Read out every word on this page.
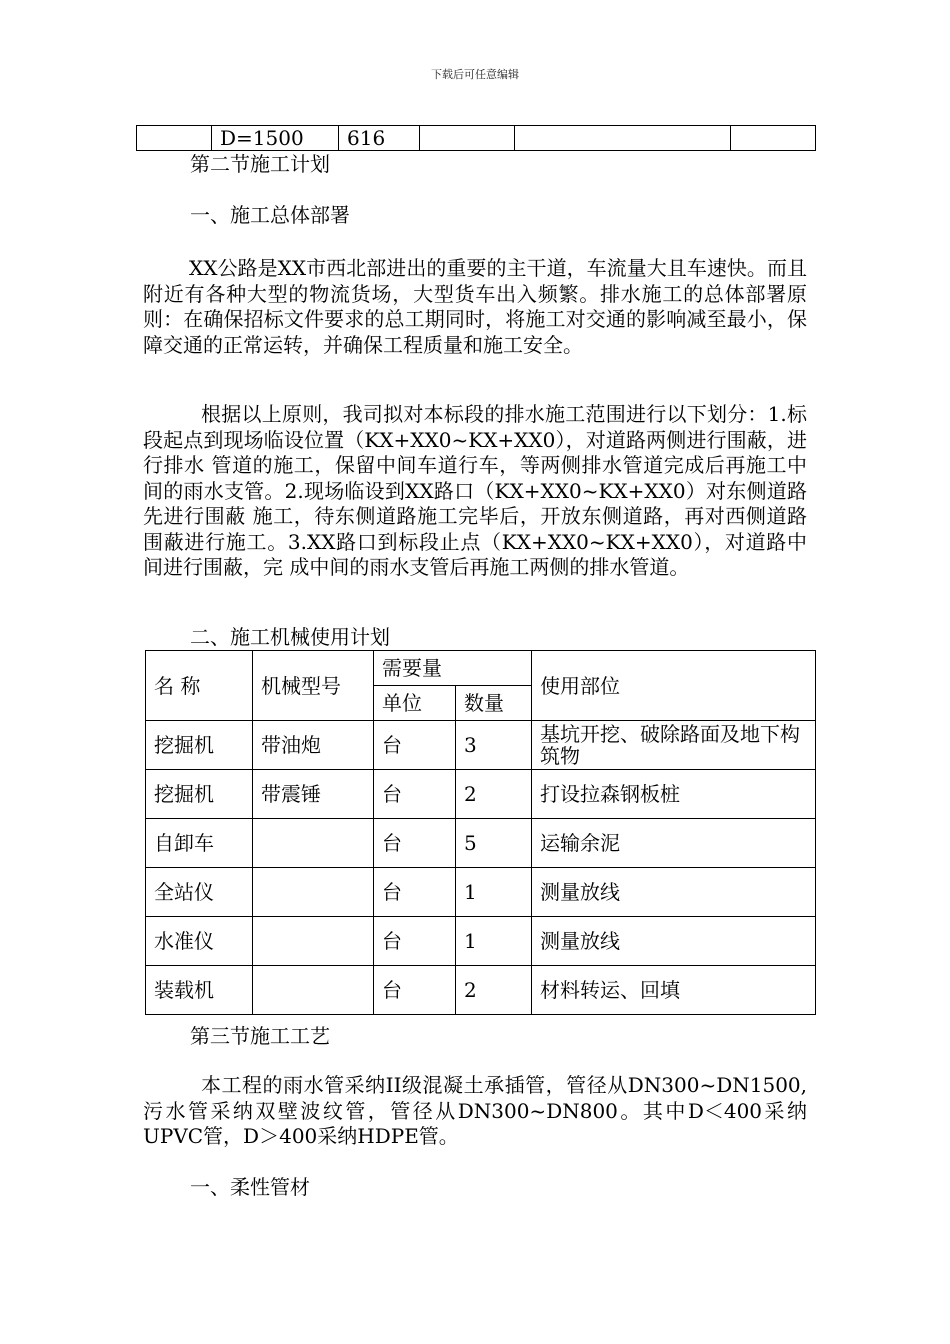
下载后可任意编辑
	D=1500	616			
第二节施工计划
一、施工总体部署
XX公路是XX市西北部进出的重要的主干道，车流量大且车速快。而且附近有各种大型的物流货场，大型货车出入频繁。排水施工的总体部署原则：在确保招标文件要求的总工期同时，将施工对交通的影响减至最小，保障交通的正常运转，并确保工程质量和施工安全。
根据以上原则，我司拟对本标段的排水施工范围进行以下划分：1.标段起点到现场临设位置（KX+XX0~KX+XX0），对道路两侧进行围蔽，进行排水 管道的施工，保留中间车道行车，等两侧排水管道完成后再施工中间的雨水支管。2.现场临设到XX路口（KX+XX0~KX+XX0）对东侧道路先进行围蔽 施工，待东侧道路施工完毕后，开放东侧道路，再对西侧道路围蔽进行施工。3.XX路口到标段止点（KX+XX0~KX+XX0），对道路中间进行围蔽，完 成中间的雨水支管后再施工两侧的排水管道。
二、施工机械使用计划
名 称	机械型号	需要量		使用部位
		单位	数量	
挖掘机	带油炮	台	3	基坑开挖、破除路面及地下构筑物
挖掘机	带震锤	台	2	打设拉森钢板桩
自卸车		台	5	运输余泥
全站仪		台	1	测量放线
水准仪		台	1	测量放线
装载机		台	2	材料转运、回填
第三节施工工艺
本工程的雨水管采纳II级混凝土承插管，管径从DN300~DN1500,污水管采纳双壁波纹管，管径从DN300~DN800。其中D＜400采纳UPVC管，D＞400采纳HDPE管。
一、柔性管材
